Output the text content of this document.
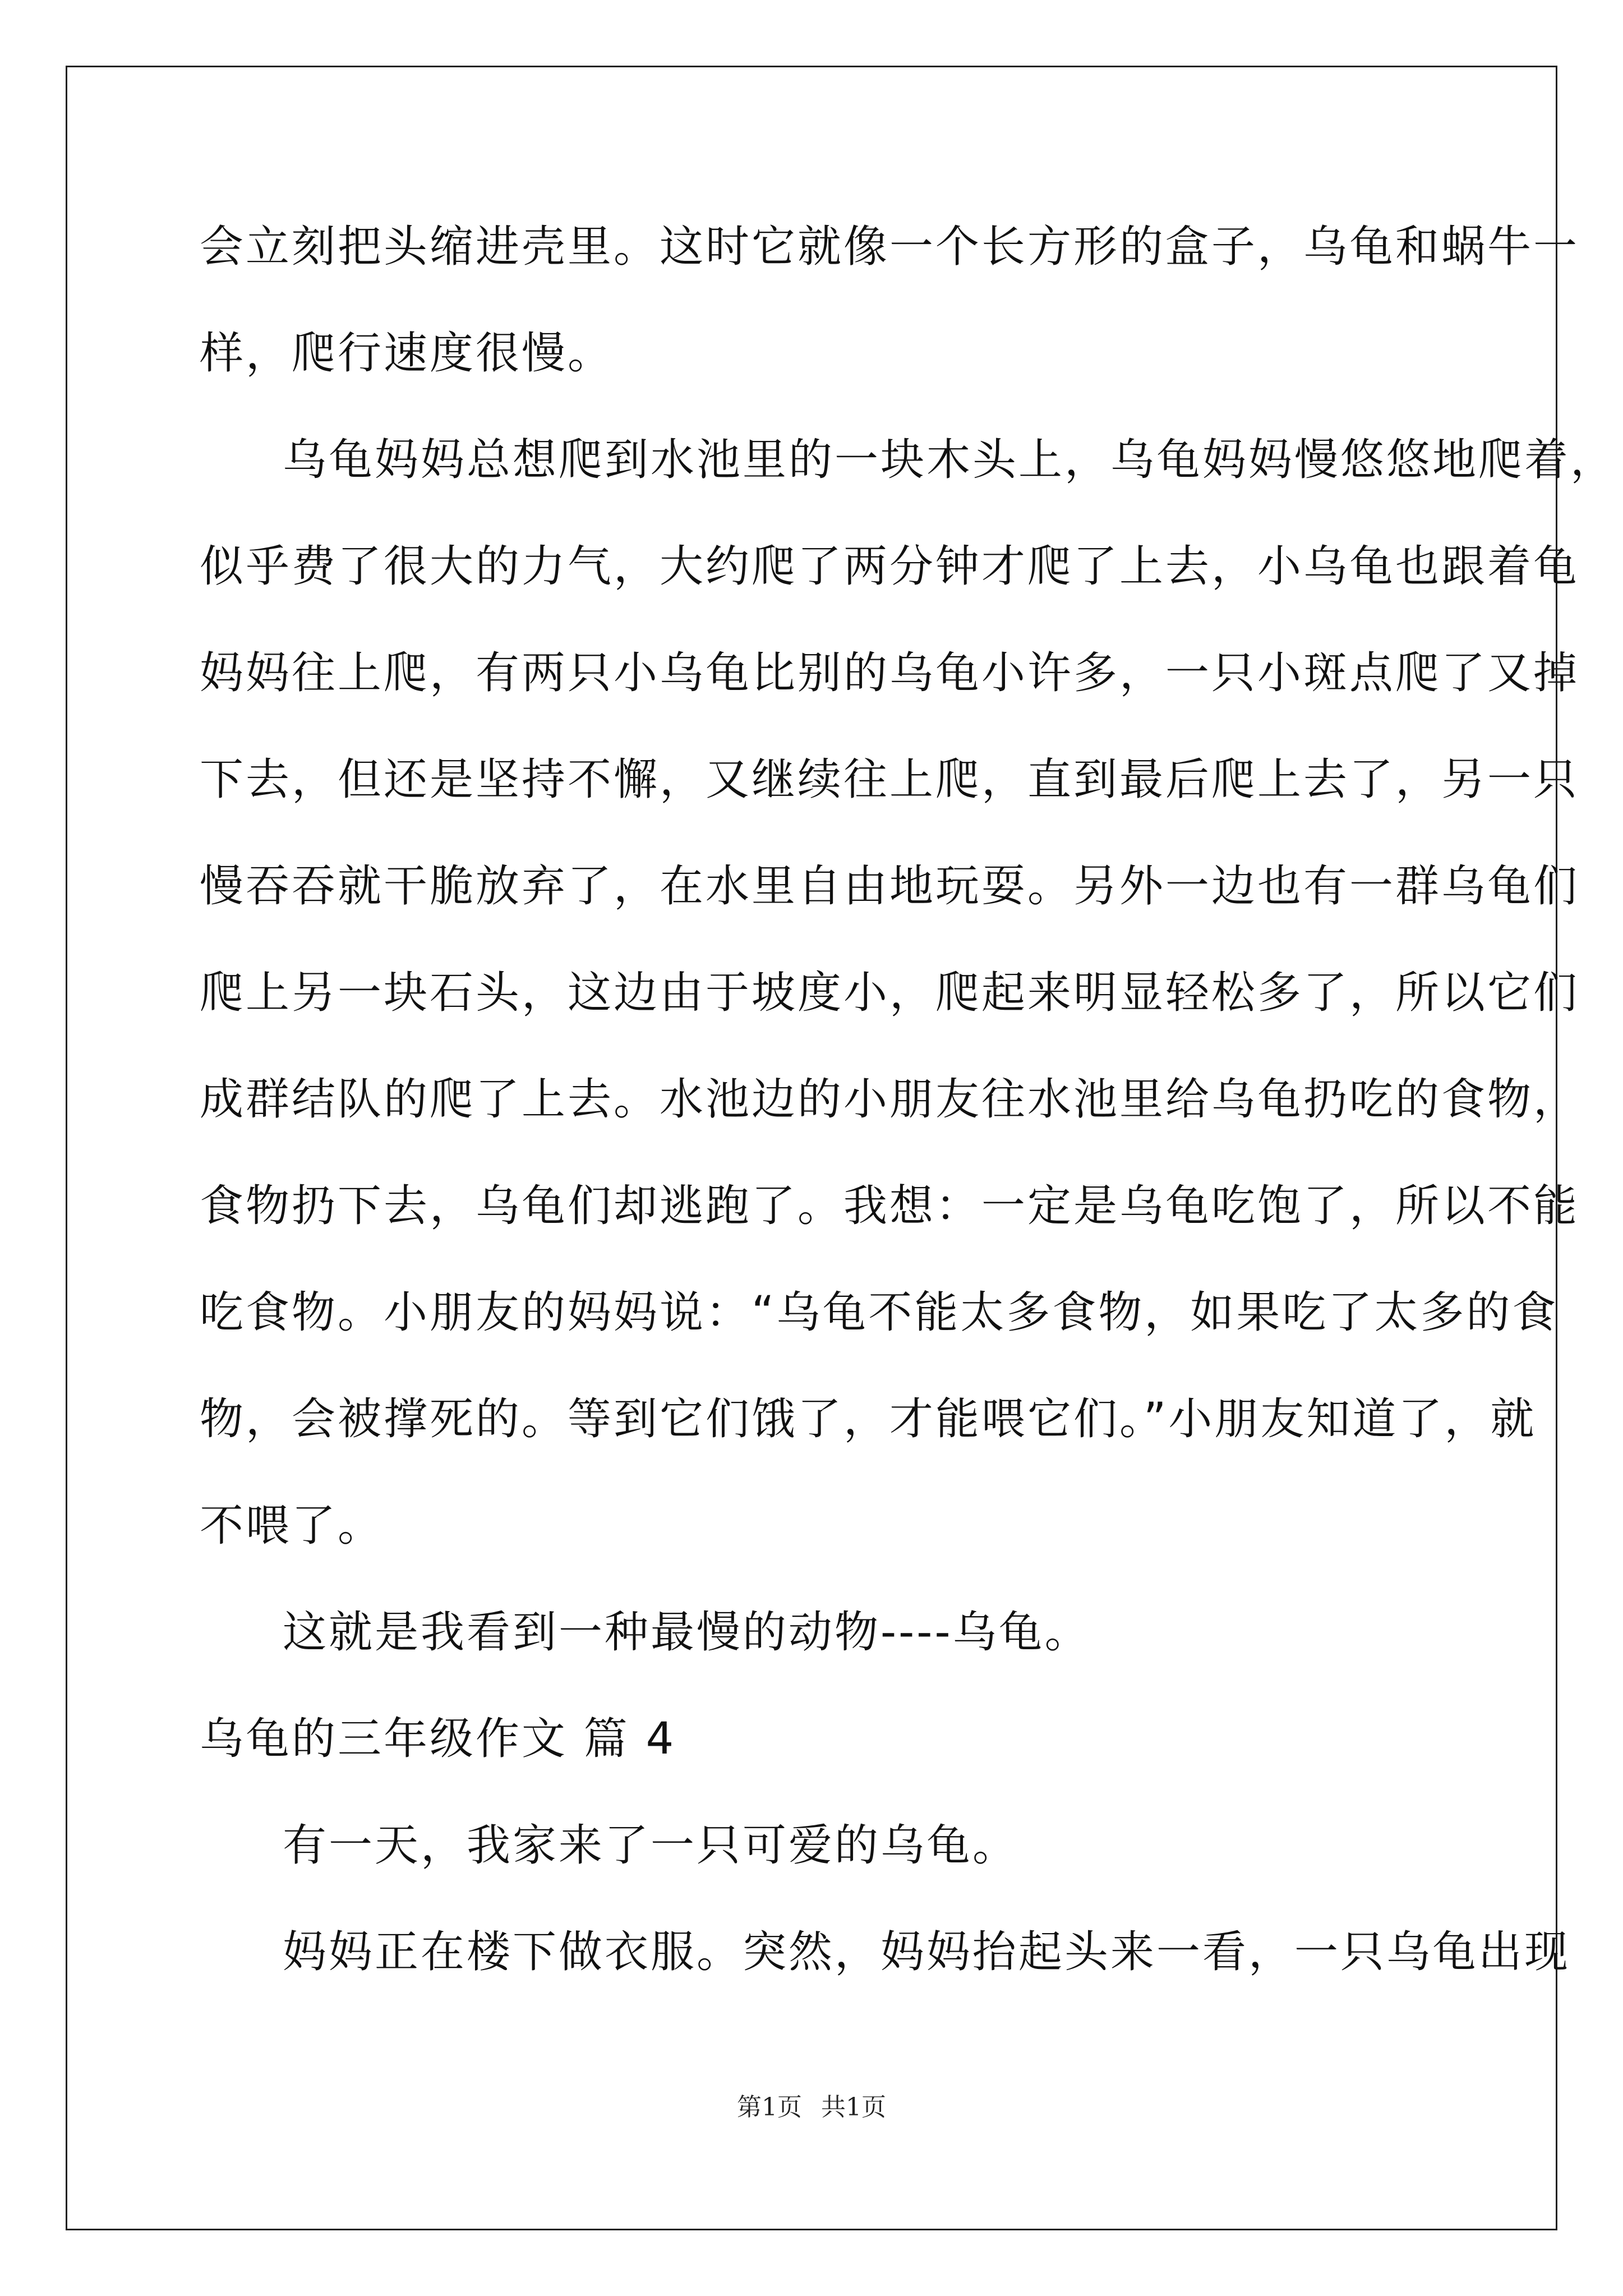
会立刻把头缩进壳里。这时它就像一个长方形的盒子，乌龟和蜗牛一
样，爬行速度很慢。
乌龟妈妈总想爬到水池里的一块木头上，乌龟妈妈慢悠悠地爬着，
似乎费了很大的力气，大约爬了两分钟才爬了上去，小乌龟也跟着龟
妈妈往上爬，有两只小乌龟比别的乌龟小许多，一只小斑点爬了又掉
下去，但还是坚持不懈，又继续往上爬，直到最后爬上去了，另一只
慢吞吞就干脆放弃了，在水里自由地玩耍。另外一边也有一群乌龟们
爬上另一块石头，这边由于坡度小，爬起来明显轻松多了，所以它们
成群结队的爬了上去。水池边的小朋友往水池里给乌龟扔吃的食物，
食物扔下去，乌龟们却逃跑了。我想：一定是乌龟吃饱了，所以不能
吃食物。小朋友的妈妈说：“乌龟不能太多食物，如果吃了太多的食
物，会被撑死的。等到它们饿了，才能喂它们。”小朋友知道了，就
不喂了。
这就是我看到一种最慢的动物----乌龟。
乌龟的三年级作文 篇 4
有一天，我家来了一只可爱的乌龟。
妈妈正在楼下做衣服。突然，妈妈抬起头来一看，一只乌龟出现
第1页 共1页
